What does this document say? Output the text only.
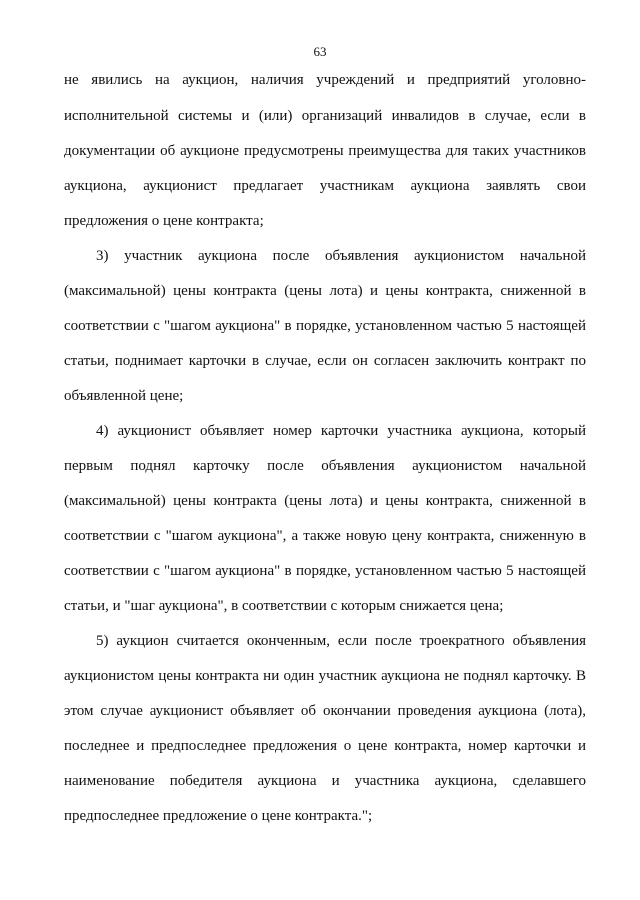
63
не явились на аукцион, наличия учреждений и предприятий уголовно-
исполнительной системы и (или) организаций инвалидов в случае, если в
документации об аукционе предусмотрены преимущества для таких участников
аукциона, аукционист предлагает участникам аукциона заявлять свои
предложения о цене контракта;
3) участник аукциона после объявления аукционистом начальной
(максимальной) цены контракта (цены лота) и цены контракта, сниженной в
соответствии с "шагом аукциона" в порядке, установленном частью 5 настоящей
статьи, поднимает карточки в случае, если он согласен заключить контракт по
объявленной цене;
4) аукционист объявляет номер карточки участника аукциона, который
первым поднял карточку после объявления аукционистом начальной
(максимальной) цены контракта (цены лота) и цены контракта, сниженной в
соответствии с "шагом аукциона", а также новую цену контракта, сниженную в
соответствии с "шагом аукциона" в порядке, установленном частью 5 настоящей
статьи, и "шаг аукциона", в соответствии с которым снижается цена;
5) аукцион считается оконченным, если после троекратного объявления
аукционистом цены контракта ни один участник аукциона не поднял карточку. В
этом случае аукционист объявляет об окончании проведения аукциона (лота),
последнее и предпоследнее предложения о цене контракта, номер карточки и
наименование победителя аукциона и участника аукциона, сделавшего
предпоследнее предложение о цене контракта.";
